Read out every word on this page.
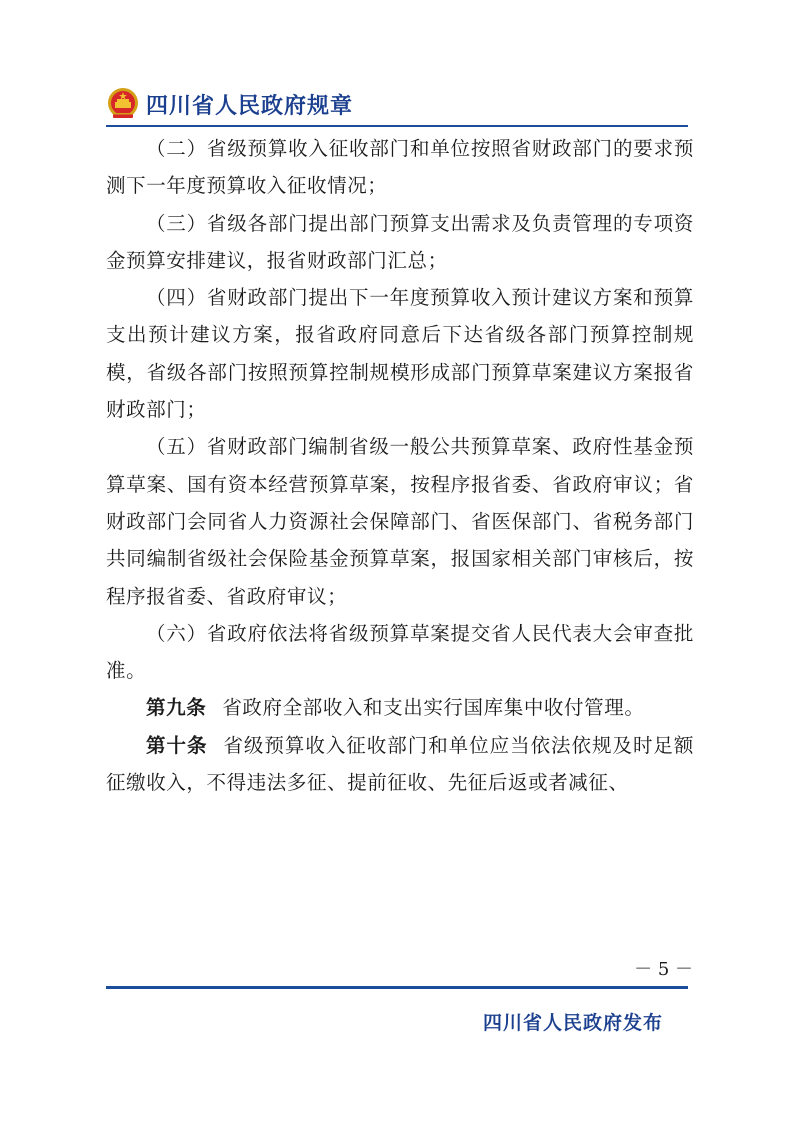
四川省人民政府规章

（二）省级预算收入征收部门和单位按照省财政部门的要求预测下一年度预算收入征收情况；

（三）省级各部门提出部门预算支出需求及负责管理的专项资金预算安排建议，报省财政部门汇总；

（四）省财政部门提出下一年度预算收入预计建议方案和预算支出预计建议方案，报省政府同意后下达省级各部门预算控制规模，省级各部门按照预算控制规模形成部门预算草案建议方案报省财政部门；

（五）省财政部门编制省级一般公共预算草案、政府性基金预算草案、国有资本经营预算草案，按程序报省委、省政府审议；省财政部门会同省人力资源社会保障部门、省医保部门、省税务部门共同编制省级社会保险基金预算草案，报国家相关部门审核后，按程序报省委、省政府审议；

（六）省政府依法将省级预算草案提交省人民代表大会审查批准。

第九条 省政府全部收入和支出实行国库集中收付管理。

第十条 省级预算收入征收部门和单位应当依法依规及时足额征缴收入，不得违法多征、提前征收、先征后返或者减征、

－ 5 －
四川省人民政府发布
